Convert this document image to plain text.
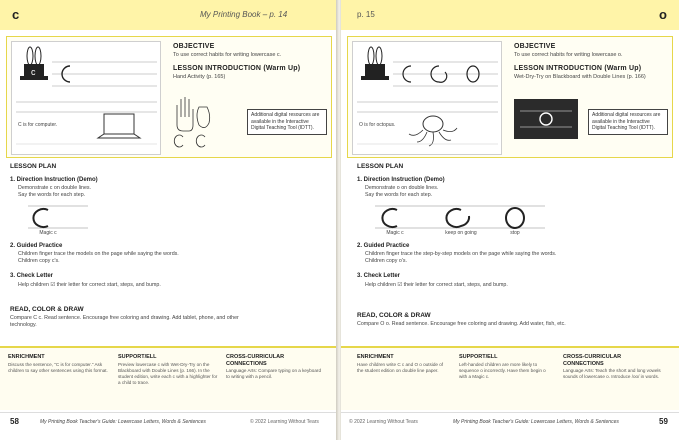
c	My Printing Book – p. 14
c
C is for computer.
OBJECTIVE
To use correct habits for writing lowercase c.
LESSON INTRODUCTION (Warm Up)
Hand Activity (p. 165)
Additional digital resources are available in the Interactive Digital Teaching Tool (IDTT).
LESSON PLAN
1. Direction Instruction (Demo)
Demonstrate c on double lines.
Say the words for each step.
Magic c
2. Guided Practice
Children finger trace the models on the page while saying the words.
Children copy c's.
3. Check Letter
Help children ☑ their letter for correct start, steps, and bump.
READ, COLOR & DRAW
Compare C c. Read sentence. Encourage free coloring and drawing. Add tablet, phone, and other
technology.
ENRICHMENT
Discuss the sentence, "C is for computer." Ask children to say other sentences using this format.
SUPPORT/ELL
Preview lowercase c with Wet-Dry-Try on the Blackboard with Double Lines (p. 166). In the student edition, write each c with a highlighter for a child to trace.
CROSS-CURRICULAR CONNECTIONS
Language Arts: Compare typing on a keyboard to writing with a pencil.
58	My Printing Book Teacher's Guide: Lowercase Letters, Words & Sentences	© 2022 Learning Without Tears
p. 15	o
O is for octopus.
OBJECTIVE
To use correct habits for writing lowercase o.
LESSON INTRODUCTION (Warm Up)
Wet-Dry-Try on Blackboard with Double Lines (p. 166)
Additional digital resources are available in the Interactive Digital Teaching Tool (IDTT).
LESSON PLAN
1. Direction Instruction (Demo)
Demonstrate o on double lines.
Say the words for each step.
Magic c	keep on going	stop
2. Guided Practice
Children finger trace the step-by-step models on the page while saying the words.
Children copy o's.
3. Check Letter
Help children ☑ their letter for correct start, steps, and bump.
READ, COLOR & DRAW
Compare O o. Read sentence. Encourage free coloring and drawing. Add water, fish, etc.
ENRICHMENT
Have children write C c and O o outside of the student edition on double line paper.
SUPPORT/ELL
Left-handed children are more likely to sequence o incorrectly. Have them begin o with a Magic c.
CROSS-CURRICULAR CONNECTIONS
Language Arts: Teach the short and long vowels sounds of lowercase o. Introduce /oo/ in words.
© 2022 Learning Without Tears	My Printing Book Teacher's Guide: Lowercase Letters, Words & Sentences	59
